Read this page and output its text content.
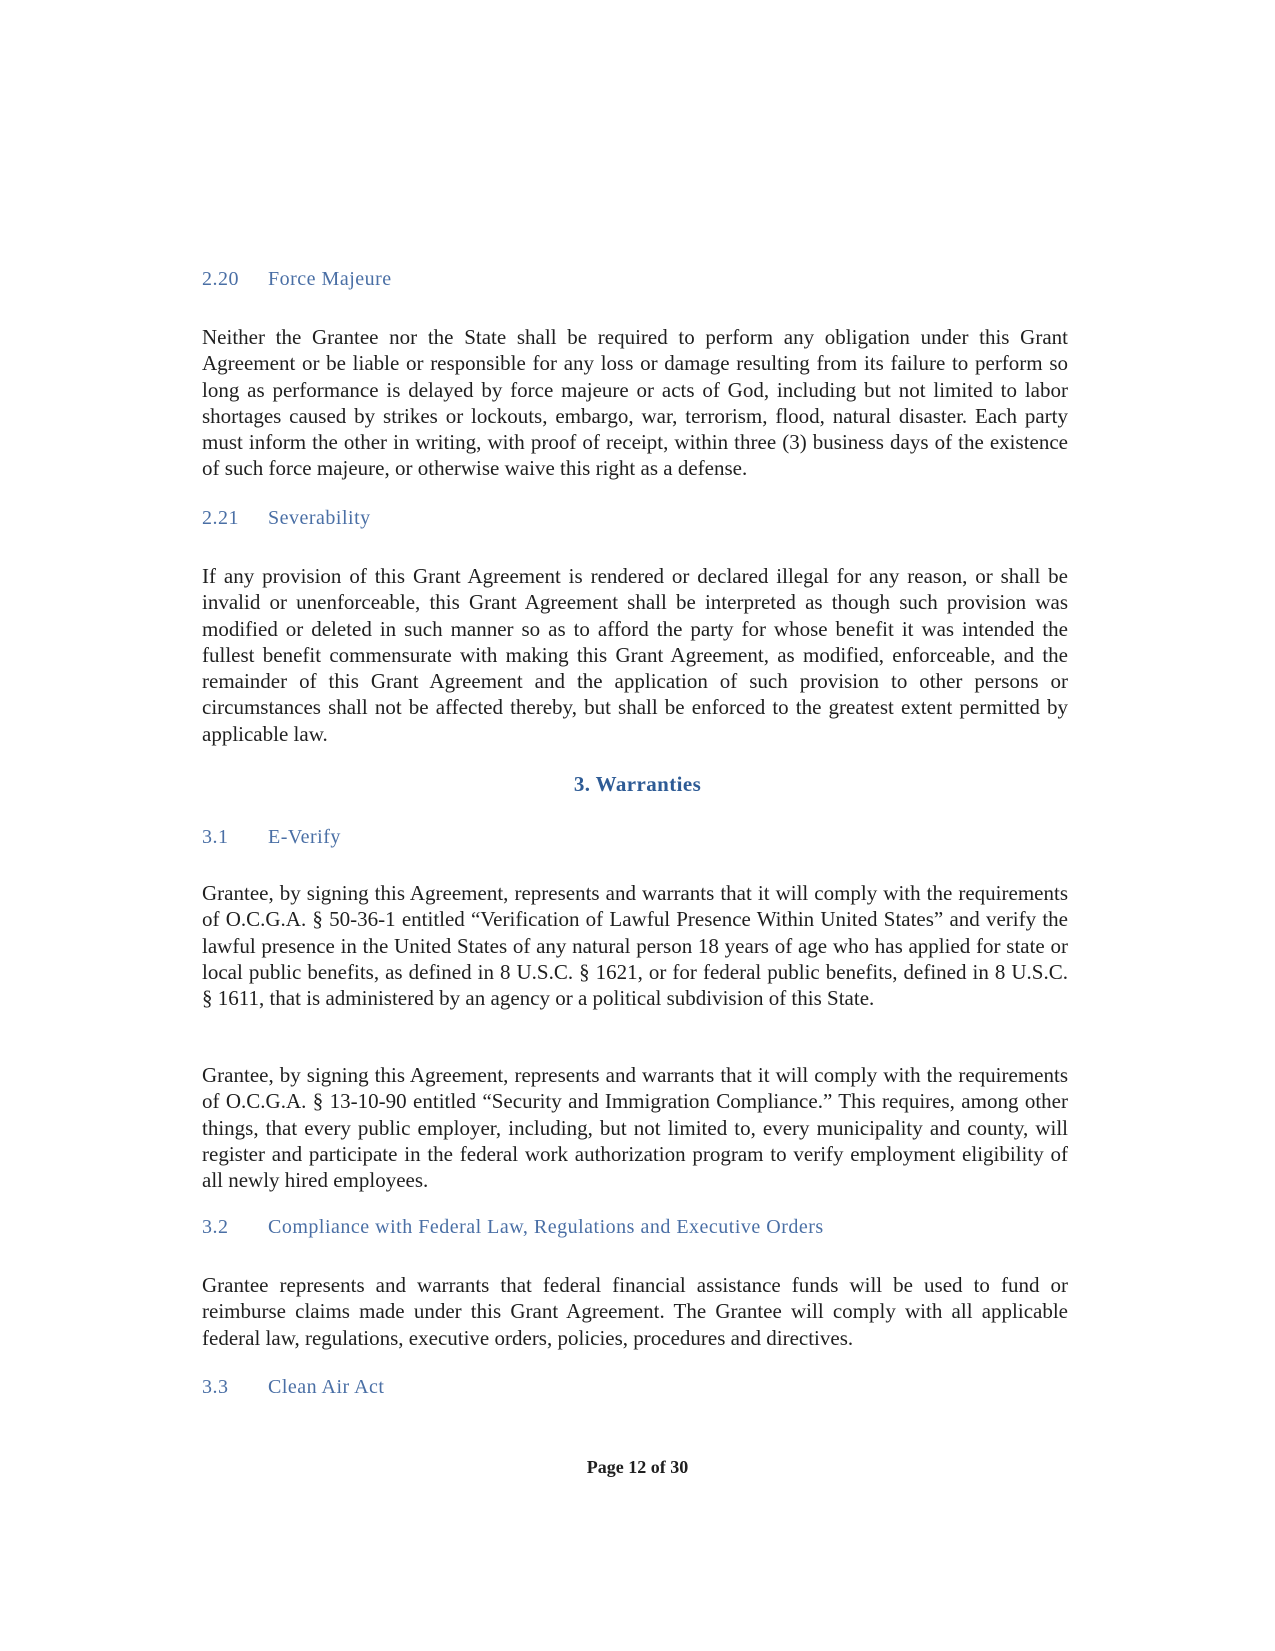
2.20 Force Majeure
Neither the Grantee nor the State shall be required to perform any obligation under this Grant Agreement or be liable or responsible for any loss or damage resulting from its failure to perform so long as performance is delayed by force majeure or acts of God, including but not limited to labor shortages caused by strikes or lockouts, embargo, war, terrorism, flood, natural disaster. Each party must inform the other in writing, with proof of receipt, within three (3) business days of the existence of such force majeure, or otherwise waive this right as a defense.
2.21 Severability
If any provision of this Grant Agreement is rendered or declared illegal for any reason, or shall be invalid or unenforceable, this Grant Agreement shall be interpreted as though such provision was modified or deleted in such manner so as to afford the party for whose benefit it was intended the fullest benefit commensurate with making this Grant Agreement, as modified, enforceable, and the remainder of this Grant Agreement and the application of such provision to other persons or circumstances shall not be affected thereby, but shall be enforced to the greatest extent permitted by applicable law.
3. Warranties
3.1 E-Verify
Grantee, by signing this Agreement, represents and warrants that it will comply with the requirements of O.C.G.A. § 50-36-1 entitled “Verification of Lawful Presence Within United States” and verify the lawful presence in the United States of any natural person 18 years of age who has applied for state or local public benefits, as defined in 8 U.S.C. § 1621, or for federal public benefits, defined in 8 U.S.C. § 1611, that is administered by an agency or a political subdivision of this State.
Grantee, by signing this Agreement, represents and warrants that it will comply with the requirements of O.C.G.A. § 13-10-90 entitled “Security and Immigration Compliance.” This requires, among other things, that every public employer, including, but not limited to, every municipality and county, will register and participate in the federal work authorization program to verify employment eligibility of all newly hired employees.
3.2 Compliance with Federal Law, Regulations and Executive Orders
Grantee represents and warrants that federal financial assistance funds will be used to fund or reimburse claims made under this Grant Agreement. The Grantee will comply with all applicable federal law, regulations, executive orders, policies, procedures and directives.
3.3 Clean Air Act
Page 12 of 30
